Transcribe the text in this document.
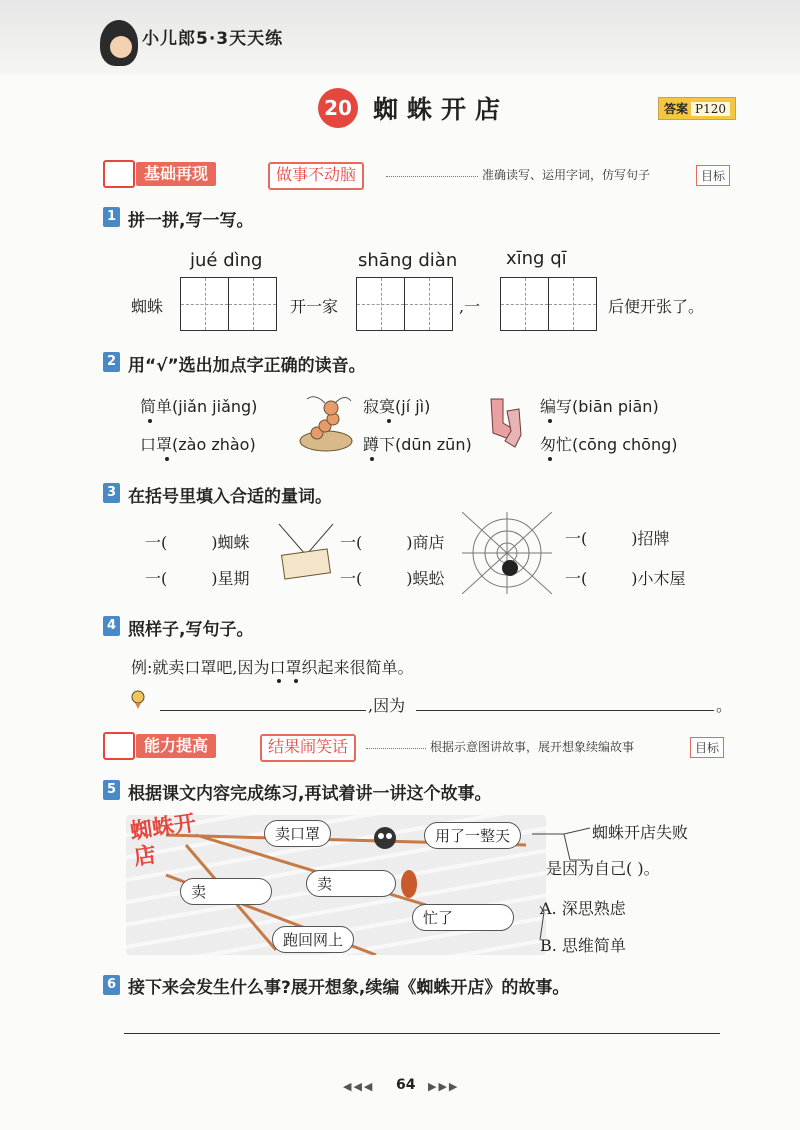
小儿郎5·3天天练
20 蜘蛛开店	答案 P120
基础再现	做事不动脑	准确读写、运用字词，仿写句子	目标
1 拼一拼,写一写。
jué dìng	shāng diàn	xīng qī
蜘蛛	开一家	,一	后便开张了。
2 用“√”选出加点字正确的读音。
简单(jiǎn jiǎng)	寂寞(jí jì)	编写(biān piān)
口罩(zào zhào)	蹲下(dūn zūn)	匆忙(cōng chōng)
3 在括号里填入合适的量词。
一(	)蜘蛛	一(	)商店	一(	)招牌
一(	)星期	一(	)蜈蚣	一(	)小木屋
4 照样子,写句子。
例:就卖口罩吧,因为口罩织起来很简单。
,因为	。
能力提高	结果闹笑话	根据示意图讲故事，展开想象续编故事	目标
5 根据课文内容完成练习,再试着讲一讲这个故事。
蜘蛛开店
卖口罩	用了一整天
卖	卖
忙了
跑回网上
蜘蛛开店失败
是因为自己( )。
A. 深思熟虑
B. 思维简单
6 接下来会发生什么事?展开想象,续编《蜘蛛开店》的故事。
◀◀◀ 64 ▶▶▶
